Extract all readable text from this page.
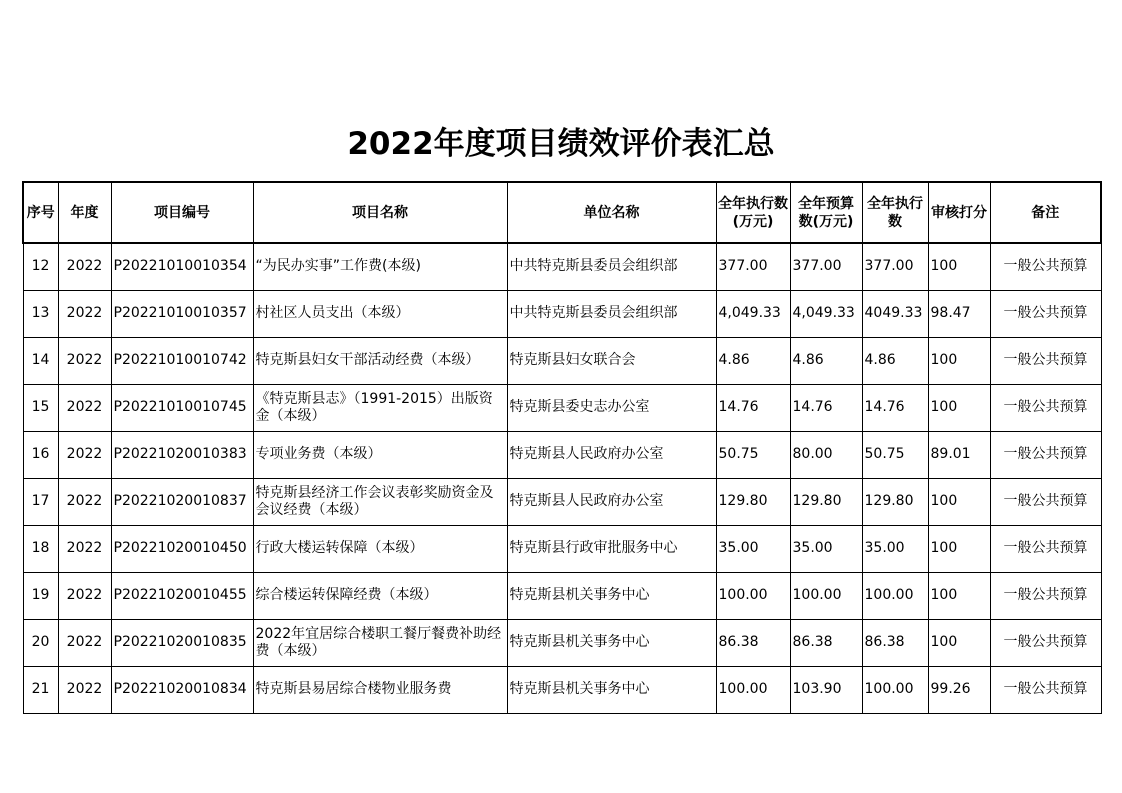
2022年度项目绩效评价表汇总
序号	年度	项目编号	项目名称	单位名称	全年执行数(万元)	全年预算数(万元)	全年执行数	审核打分	备注
12	2022	P20221010010354	“为民办实事”工作费(本级)	中共特克斯县委员会组织部	377.00	377.00	377.00	100	一般公共预算
13	2022	P20221010010357	村社区人员支出（本级）	中共特克斯县委员会组织部	4,049.33	4,049.33	4049.33	98.47	一般公共预算
14	2022	P20221010010742	特克斯县妇女干部活动经费（本级）	特克斯县妇女联合会	4.86	4.86	4.86	100	一般公共预算
15	2022	P20221010010745	《特克斯县志》（1991-2015）出版资金（本级）	特克斯县委史志办公室	14.76	14.76	14.76	100	一般公共预算
16	2022	P20221020010383	专项业务费（本级）	特克斯县人民政府办公室	50.75	80.00	50.75	89.01	一般公共预算
17	2022	P20221020010837	特克斯县经济工作会议表彰奖励资金及会议经费（本级）	特克斯县人民政府办公室	129.80	129.80	129.80	100	一般公共预算
18	2022	P20221020010450	行政大楼运转保障（本级）	特克斯县行政审批服务中心	35.00	35.00	35.00	100	一般公共预算
19	2022	P20221020010455	综合楼运转保障经费（本级）	特克斯县机关事务中心	100.00	100.00	100.00	100	一般公共预算
20	2022	P20221020010835	2022年宜居综合楼职工餐厅餐费补助经费（本级）	特克斯县机关事务中心	86.38	86.38	86.38	100	一般公共预算
21	2022	P20221020010834	特克斯县易居综合楼物业服务费	特克斯县机关事务中心	100.00	103.90	100.00	99.26	一般公共预算
